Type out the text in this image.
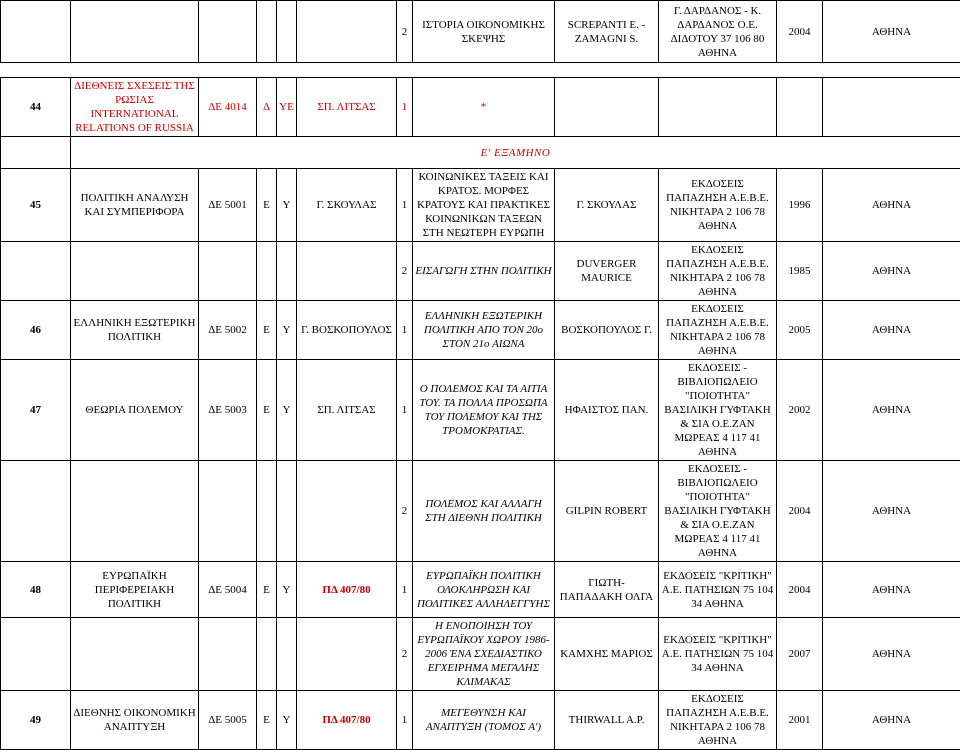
						2	ΙΣΤΟΡΙΑ ΟΙΚΟΝΟΜΙΚΗΣ ΣΚΕΨΗΣ	SCREPANTI E. - ZAMAGNI S.	Γ. ΔΑΡΔΑΝΟΣ - Κ. ΔΑΡΔΑΝΟΣ Ο.Ε. ΔΙΔΟΤΟΥ 37 106 80 ΑΘΗΝΑ	2004	ΑΘΗΝΑ

44	ΔΙΕΘΝΕΙΣ ΣΧΕΣΕΙΣ ΤΗΣ ΡΩΣΙΑΣ INTERNATIONAL RELATIONS OF RUSSIA	ΔΕ 4014	Δ	ΥΕ	ΣΠ. ΛΙΤΣΑΣ	1	*				
	Ε' ΕΞΑΜΗΝΟ										
45	ΠΟΛΙΤΙΚΗ ΑΝΑΛΥΣΗ ΚΑΙ ΣΥΜΠΕΡΙΦΟΡΑ	ΔΕ 5001	Ε	Υ	Γ. ΣΚΟΥΛΑΣ	1	ΚΟΙΝΩΝΙΚΕΣ ΤΑΞΕΙΣ ΚΑΙ ΚΡΑΤΟΣ. ΜΟΡΦΕΣ ΚΡΑΤΟΥΣ ΚΑΙ ΠΡΑΚΤΙΚΕΣ ΚΟΙΝΩΝΙΚΩΝ ΤΑΞΕΩΝ ΣΤΗ ΝΕΩΤΕΡΗ ΕΥΡΩΠΗ	Γ. ΣΚΟΥΛΑΣ	ΕΚΔΟΣΕΙΣ ΠΑΠΑΖΗΣΗ Α.Ε.Β.Ε. ΝΙΚΗΤΑΡΑ 2 106 78 ΑΘΗΝΑ	1996	ΑΘΗΝΑ
						2	ΕΙΣΑΓΩΓΗ ΣΤΗΝ ΠΟΛΙΤΙΚΗ	DUVERGER MAURICE	ΕΚΔΟΣΕΙΣ ΠΑΠΑΖΗΣΗ Α.Ε.Β.Ε. ΝΙΚΗΤΑΡΑ 2 106 78 ΑΘΗΝΑ	1985	ΑΘΗΝΑ
46	ΕΛΛΗΝΙΚΗ ΕΞΩΤΕΡΙΚΗ ΠΟΛΙΤΙΚΗ	ΔΕ 5002	Ε	Υ	Γ. ΒΟΣΚΟΠΟΥΛΟΣ	1	ΕΛΛΗΝΙΚΗ ΕΞΩΤΕΡΙΚΗ ΠΟΛΙΤΙΚΗ ΑΠΟ ΤΟΝ 20ο ΣΤΟΝ 21ο ΑΙΩΝΑ	ΒΟΣΚΟΠΟΥΛΟΣ Γ.	ΕΚΔΟΣΕΙΣ ΠΑΠΑΖΗΣΗ Α.Ε.Β.Ε. ΝΙΚΗΤΑΡΑ 2 106 78 ΑΘΗΝΑ	2005	ΑΘΗΝΑ
47	ΘΕΩΡΙΑ ΠΟΛΕΜΟΥ	ΔΕ 5003	Ε	Υ	ΣΠ. ΛΙΤΣΑΣ	1	Ο ΠΟΛΕΜΟΣ ΚΑΙ ΤΑ ΑΙΤΙΑ ΤΟΥ. ΤΑ ΠΟΛΛΑ ΠΡΟΣΩΠΑ ΤΟΥ ΠΟΛΕΜΟΥ ΚΑΙ ΤΗΣ ΤΡΟΜΟΚΡΑΤΙΑΣ.	ΗΦΑΙΣΤΟΣ ΠΑΝ.	ΕΚΔΟΣΕΙΣ - ΒΙΒΛΙΟΠΩΛΕΙΟ "ΠΟΙΟΤΗΤΑ" ΒΑΣΙΛΙΚΗ ΓΥΦΤΑΚΗ & ΣΙΑ Ο.Ε.ΖΑΝ ΜΩΡΕΑΣ 4 117 41 ΑΘΗΝΑ	2002	ΑΘΗΝΑ
						2	ΠΟΛΕΜΟΣ ΚΑΙ ΑΛΛΑΓΗ ΣΤΗ ΔΙΕΘΝΗ ΠΟΛΙΤΙΚΗ	GILPIN ROBERT	ΕΚΔΟΣΕΙΣ - ΒΙΒΛΙΟΠΩΛΕΙΟ "ΠΟΙΟΤΗΤΑ" ΒΑΣΙΛΙΚΗ ΓΥΦΤΑΚΗ & ΣΙΑ Ο.Ε.ΖΑΝ ΜΩΡΕΑΣ 4 117 41 ΑΘΗΝΑ	2004	ΑΘΗΝΑ
48	ΕΥΡΩΠΑΪΚΗ ΠΕΡΙΦΕΡΕΙΑΚΗ ΠΟΛΙΤΙΚΗ	ΔΕ 5004	Ε	Υ	ΠΔ 407/80	1	ΕΥΡΩΠΑΪΚΗ ΠΟΛΙΤΙΚΗ ΟΛΟΚΛΗΡΩΣΗ ΚΑΙ ΠΟΛΙΤΙΚΕΣ ΑΛΛΗΛΕΓΓΥΗΣ	ΓΙΩΤΗ-ΠΑΠΑΔΑΚΗ ΟΛΓΑ	ΕΚΔΟΣΕΙΣ "ΚΡΙΤΙΚΗ" Α.Ε. ΠΑΤΗΣΙΩΝ 75 104 34 ΑΘΗΝΑ	2004	ΑΘΗΝΑ
						2	Η ΕΝΟΠΟΙΗΣΗ ΤΟΥ ΕΥΡΩΠΑΪΚΟΥ ΧΩΡΟΥ 1986-2006 ΈΝΑ ΣΧΕΔΙΑΣΤΙΚΟ ΕΓΧΕΙΡΗΜΑ ΜΕΓΑΛΗΣ ΚΛΙΜΑΚΑΣ	ΚΑΜΧΗΣ ΜΑΡΙΟΣ	ΕΚΔΟΣΕΙΣ "ΚΡΙΤΙΚΗ" Α.Ε. ΠΑΤΗΣΙΩΝ 75 104 34 ΑΘΗΝΑ	2007	ΑΘΗΝΑ
49	ΔΙΕΘΝΗΣ ΟΙΚΟΝΟΜΙΚΗ ΑΝΑΠΤΥΞΗ	ΔΕ 5005	Ε	Υ	ΠΔ 407/80	1	ΜΕΓΕΘΥΝΣΗ ΚΑΙ ΑΝΑΠΤΥΞΗ (ΤΟΜΟΣ Α')	THIRWALL A.P.	ΕΚΔΟΣΕΙΣ ΠΑΠΑΖΗΣΗ Α.Ε.Β.Ε. ΝΙΚΗΤΑΡΑ 2 106 78 ΑΘΗΝΑ	2001	ΑΘΗΝΑ
